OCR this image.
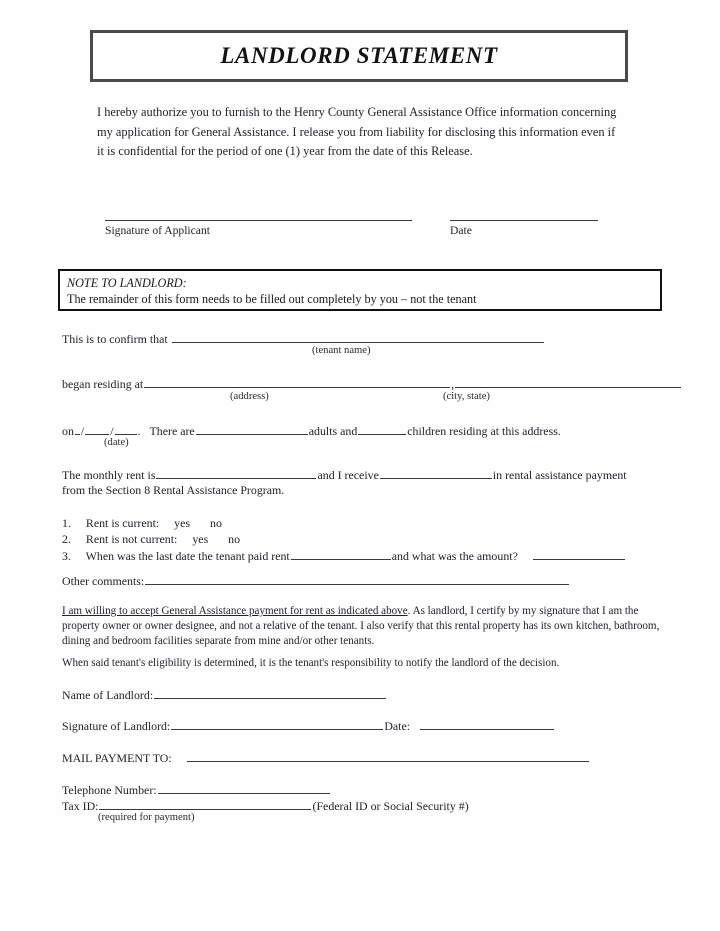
LANDLORD STATEMENT
I hereby authorize you to furnish to the Henry County General Assistance Office information concerning my application for General Assistance. I release you from liability for disclosing this information even if it is confidential for the period of one (1) year from the date of this Release.
Signature of Applicant	Date
NOTE TO LANDLORD:
The remainder of this form needs to be filled out completely by you – not the tenant
This is to confirm that
(tenant name)
began residing at	,
(address)	(city, state)
on / / . There are	adults and	children residing at this address.
(date)
The monthly rent is	and I receive	in rental assistance payment
from the Section 8 Rental Assistance Program.
1. Rent is current: yes no
2. Rent is not current: yes no
3. When was the last date the tenant paid rent	and what was the amount?
Other comments:
I am willing to accept General Assistance payment for rent as indicated above. As landlord, I certify by my signature that I am the property owner or owner designee, and not a relative of the tenant. I also verify that this rental property has its own kitchen, bathroom, dining and bedroom facilities separate from mine and/or other tenants.
When said tenant's eligibility is determined, it is the tenant's responsibility to notify the landlord of the decision.
Name of Landlord:
Signature of Landlord:	Date:
MAIL PAYMENT TO:
Telephone Number:
Tax ID:	(Federal ID or Social Security #)
(required for payment)
